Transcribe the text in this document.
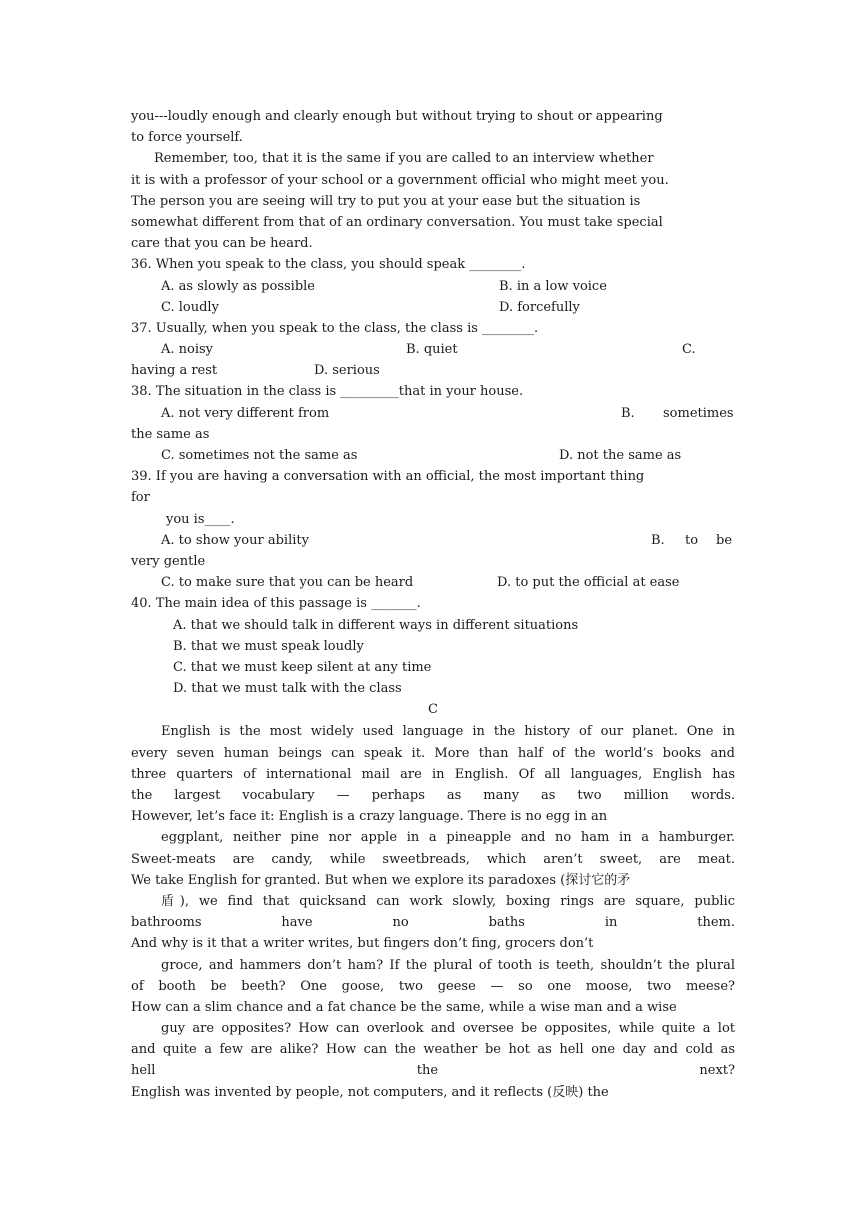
you---loudly enough and clearly enough but without trying to shout or appearing
to force yourself.
Remember, too, that it is the same if you are called to an interview whether
it is with a professor of your school or a government official who might meet you.
The person you are seeing will try to put you at your ease but the situation is
somewhat different from that of an ordinary conversation. You must take special
care that you can be heard.
36. When you speak to the class, you should speak ________.
A. as slowly as possible	B. in a low voice
C. loudly	D. forcefully
37. Usually, when you speak to the class, the class is ________.
A. noisy	B. quiet	C.
having a rest	D. serious
38. The situation in the class is _________that in your house.
A. not very different from	B. sometimes
the same as
C. sometimes not the same as	D. not the same as
39. If you are having a conversation with an official, the most important thing
for
you is____.
A. to show your ability	B. to be
very gentle
C. to make sure that you can be heard	D. to put the official at ease
40. The main idea of this passage is _______.
A. that we should talk in different ways in different situations
B. that we must speak loudly
C. that we must keep silent at any time
D. that we must talk with the class
C
English is the most widely used language in the history of our planet. One in
every seven human beings can speak it. More than half of the world’s books and
three quarters of international mail are in English. Of all languages, English has
the largest vocabulary — perhaps as many as two million words.
However, let’s face it: English is a crazy language. There is no egg in an
eggplant, neither pine nor apple in a pineapple and no ham in a hamburger.
Sweet-meats are candy, while sweetbreads, which aren’t sweet, are meat.
We take English for granted. But when we explore its paradoxes (探讨它的矛
盾), we find that quicksand can work slowly, boxing rings are square, public
bathrooms have no baths in them.
And why is it that a writer writes, but fingers don’t fing, grocers don’t
groce, and hammers don’t ham? If the plural of tooth is teeth, shouldn’t the plural
of booth be beeth? One goose, two geese — so one moose, two meese?
How can a slim chance and a fat chance be the same, while a wise man and a wise
guy are opposites? How can overlook and oversee be opposites, while quite a lot
and quite a few are alike? How can the weather be hot as hell one day and cold as
hell the next?
English was invented by people, not computers, and it reflects (反映) the
